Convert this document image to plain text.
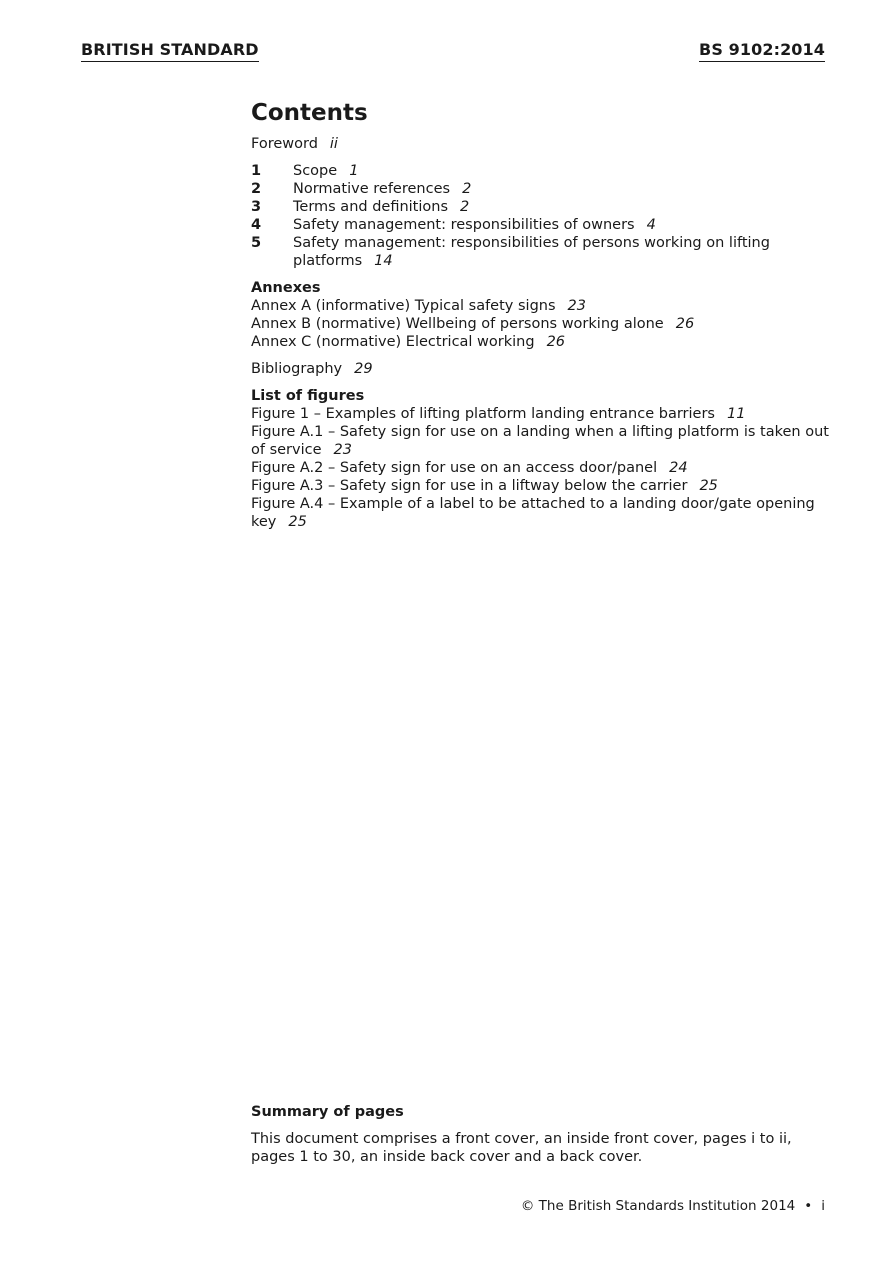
BRITISH STANDARD	BS 9102:2014
Contents
Foreword ii
1	Scope 1
2	Normative references 2
3	Terms and definitions 2
4	Safety management: responsibilities of owners 4
5	Safety management: responsibilities of persons working on lifting platforms 14
Annexes
Annex A (informative) Typical safety signs 23
Annex B (normative) Wellbeing of persons working alone 26
Annex C (normative) Electrical working 26
Bibliography 29
List of figures
Figure 1 – Examples of lifting platform landing entrance barriers 11
Figure A.1 – Safety sign for use on a landing when a lifting platform is taken out of service 23
Figure A.2 – Safety sign for use on an access door/panel 24
Figure A.3 – Safety sign for use in a liftway below the carrier 25
Figure A.4 – Example of a label to be attached to a landing door/gate opening key 25
Summary of pages
This document comprises a front cover, an inside front cover, pages i to ii, pages 1 to 30, an inside back cover and a back cover.
© The British Standards Institution 2014 • i
